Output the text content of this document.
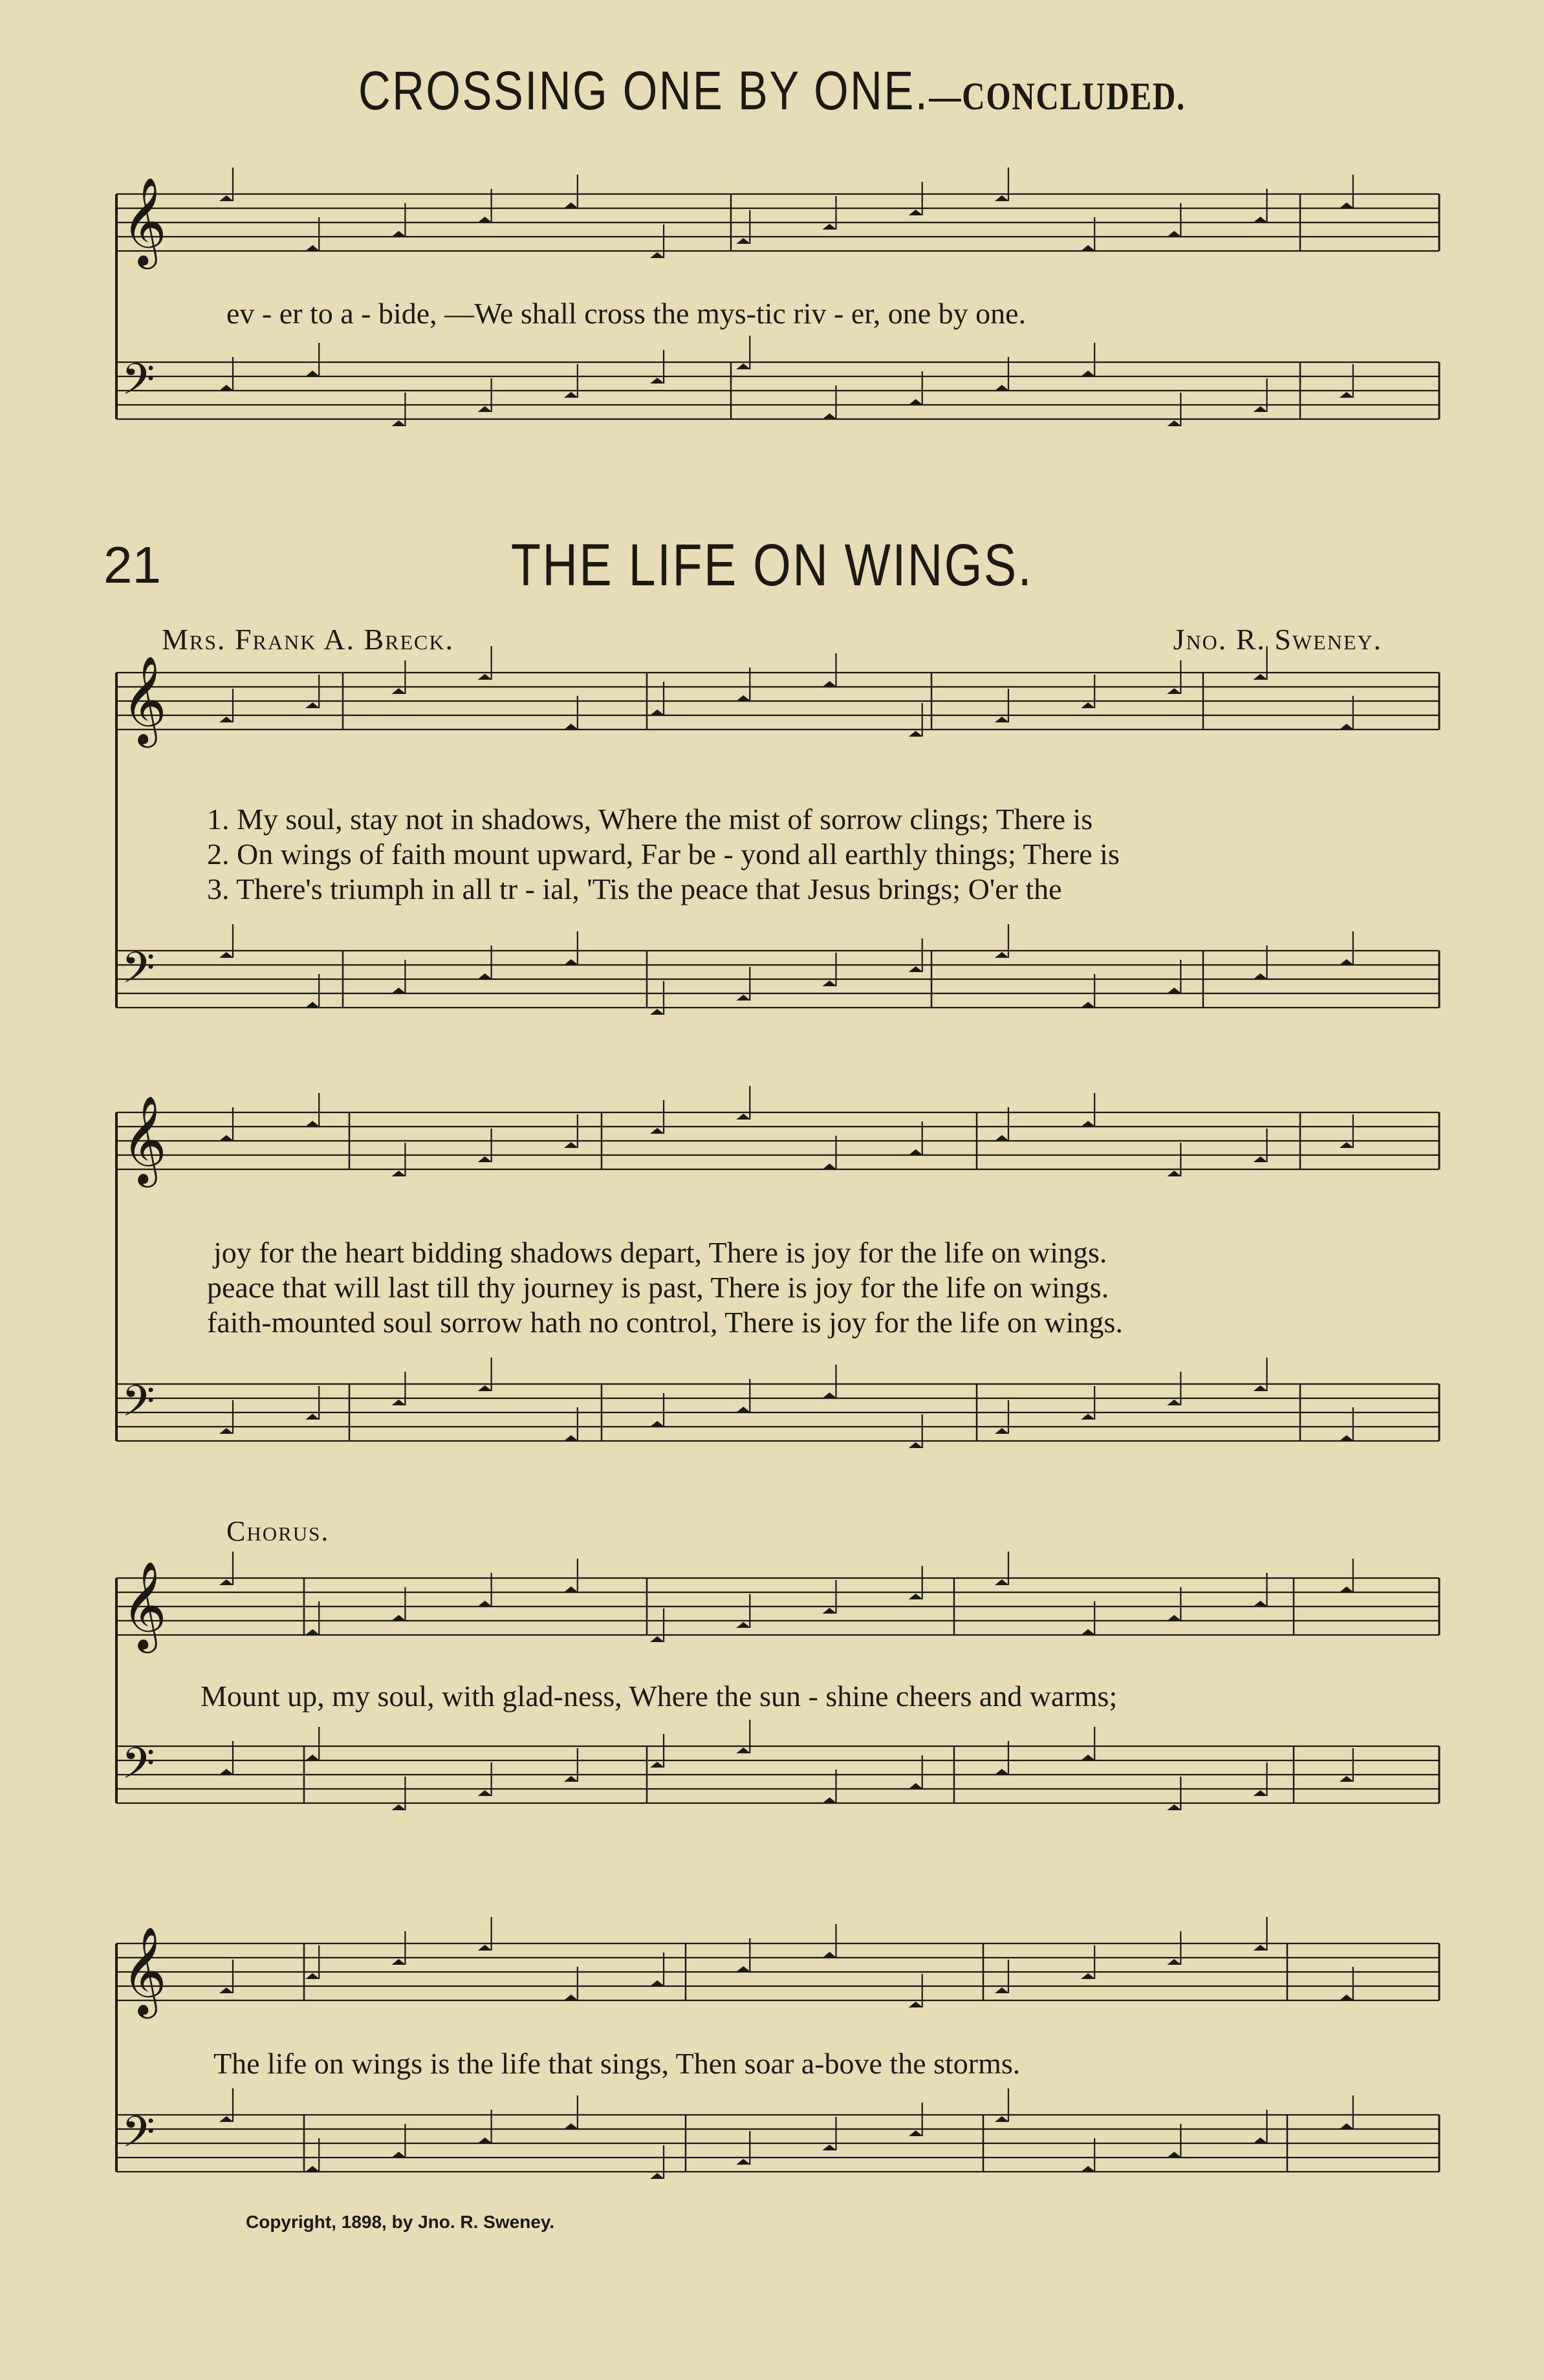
CROSSING ONE BY ONE.—CONCLUDED.
ev - er to a - bide, —We shall cross the mys-tic riv - er, one by one.
21	THE LIFE ON WINGS.
Mrs. Frank A. Breck.	Jno. R. Sweney.
1. My soul, stay not in shadows, Where the mist of sorrow clings; There is
2. On wings of faith mount upward, Far be - yond all earthly things; There is
3. There's triumph in all tr - ial, 'Tis the peace that Jesus brings; O'er the
joy for the heart bidding shadows depart, There is joy for the life on wings.
peace that will last till thy journey is past, There is joy for the life on wings.
faith-mounted soul sorrow hath no control, There is joy for the life on wings.
Chorus.
Mount up, my soul, with glad-ness, Where the sun - shine cheers and warms;
The life on wings is the life that sings, Then soar a-bove the storms.
Copyright, 1898, by Jno. R. Sweney.
𝄞
𝄢
𝄞
𝄢
𝄞
𝄢
𝄞
𝄢
𝄞
𝄢
